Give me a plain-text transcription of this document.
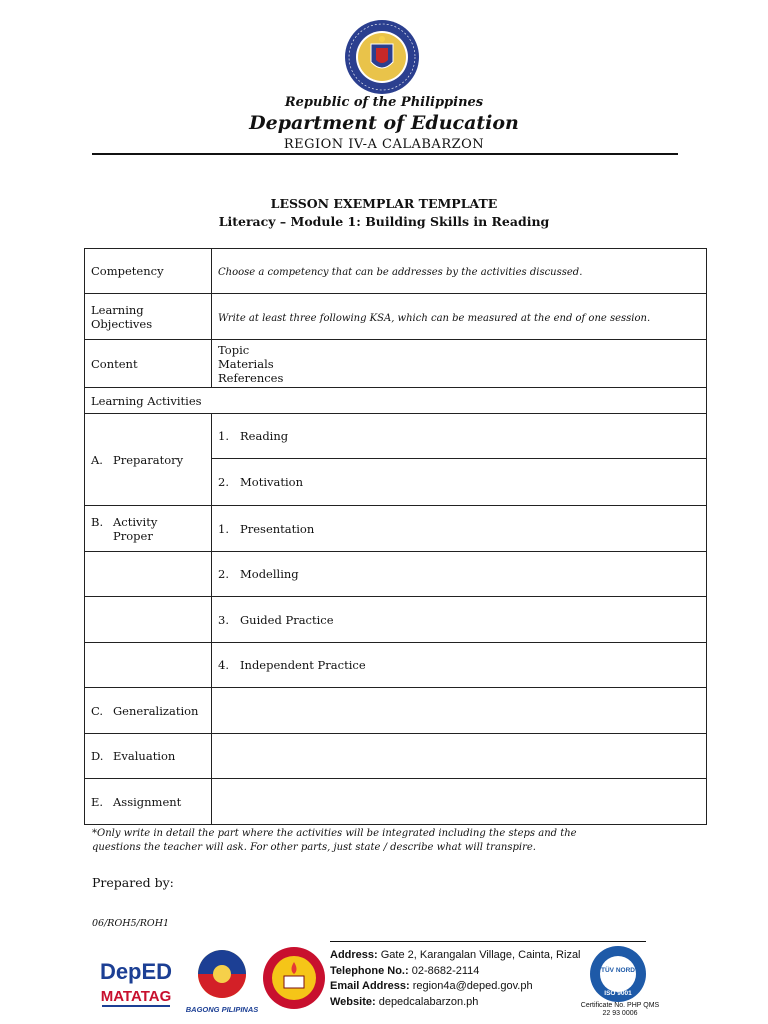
Republic of the Philippines
Department of Education
REGION IV-A CALABARZON
LESSON EXEMPLAR TEMPLATE
Literacy – Module 1: Building Skills in Reading
Competency	Choose a competency that can be addresses by the activities discussed.

Learning
Objectives	Write at least three following KSA, which can be measured at the end of one session.
Content	Topic
Materials
References

Learning Activities	
A. Preparatory	1. Reading
	2. Motivation

B. Activity
Proper	1. Presentation
	2. Modelling
	3. Guided Practice
	4. Independent Practice
C. Generalization	
D. Evaluation	
E. Assignment	
*Only write in detail the part where the activities will be integrated including the steps and the
questions the teacher will ask. For other parts, just state / describe what will transpire.
Prepared by:
06/ROH5/ROH1
DepED
MATATAG
BAGONG PILIPINAS
Address: Gate 2, Karangalan Village, Cainta, Rizal
Telephone No.: 02-8682-2114
Email Address: region4a@deped.gov.ph
Website: depedcalabarzon.ph
TÜV NORD
ISO 9001
Certificate No. PHP QMS
22 93 0006
